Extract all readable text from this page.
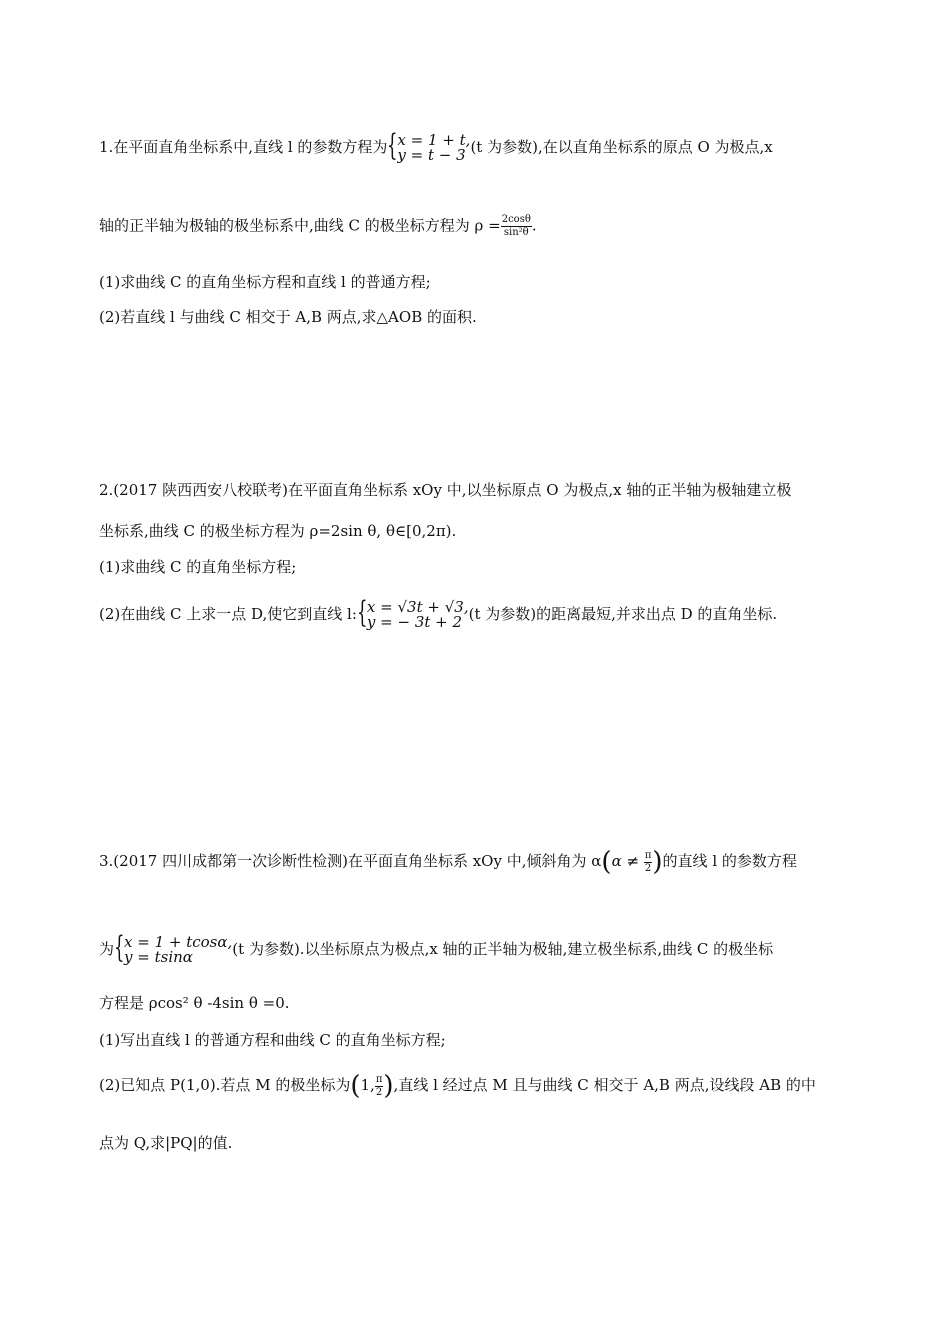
1.在平面直角坐标系中,直线 l 的参数方程为 { x = 1 + t,
y = t − 3 (t 为参数),在以直角坐标系的原点 O 为极点,x
轴的正半轴为极轴的极坐标系中,曲线 C 的极坐标方程为 $\rho = \frac{2\cos\theta}{\text{sin²θ}}$ .
(1)求曲线 C 的直角坐标方程和直线 l 的普通方程;
(2)若直线 l 与曲线 C 相交于 A,B 两点,求△AOB 的面积.
2.(2017 陕西西安八校联考)在平面直角坐标系 xOy 中,以坐标原点 O 为极点,x 轴的正半轴为极轴建立极
坐标系,曲线 C 的极坐标方程为 ρ=2sin θ, θ∈[0,2π).
(1)求曲线 C 的直角坐标方程;
(2)在曲线 C 上求一点 D,使它到直线 l: { x = √3t + √3,
y = − 3t + 2 (t 为参数)的距离最短,并求出点 D 的直角坐标.
3.(2017 四川成都第一次诊断性检测)在平面直角坐标系 xOy 中,倾斜角为 $\alpha(\alpha \ne \frac{\pi}{2}$ )的直线 l 的参数方程
为 { x = 1 + tcosα,
y = tsinα	(t 为参数).以坐标原点为极点,x 轴的正半轴为极轴,建立极坐标系,曲线 C 的极坐标
方程是 ρcos² θ -4sin θ =0.
(1)写出直线 l 的普通方程和曲线 C 的直角坐标方程;
(2)已知点 P(1,0).若点 M 的极坐标为(1, $\frac{\pi}{2}$ ),直线 l 经过点 M 且与曲线 C 相交于 A,B 两点,设线段 AB 的中
点为 Q,求|PQ|的值.
